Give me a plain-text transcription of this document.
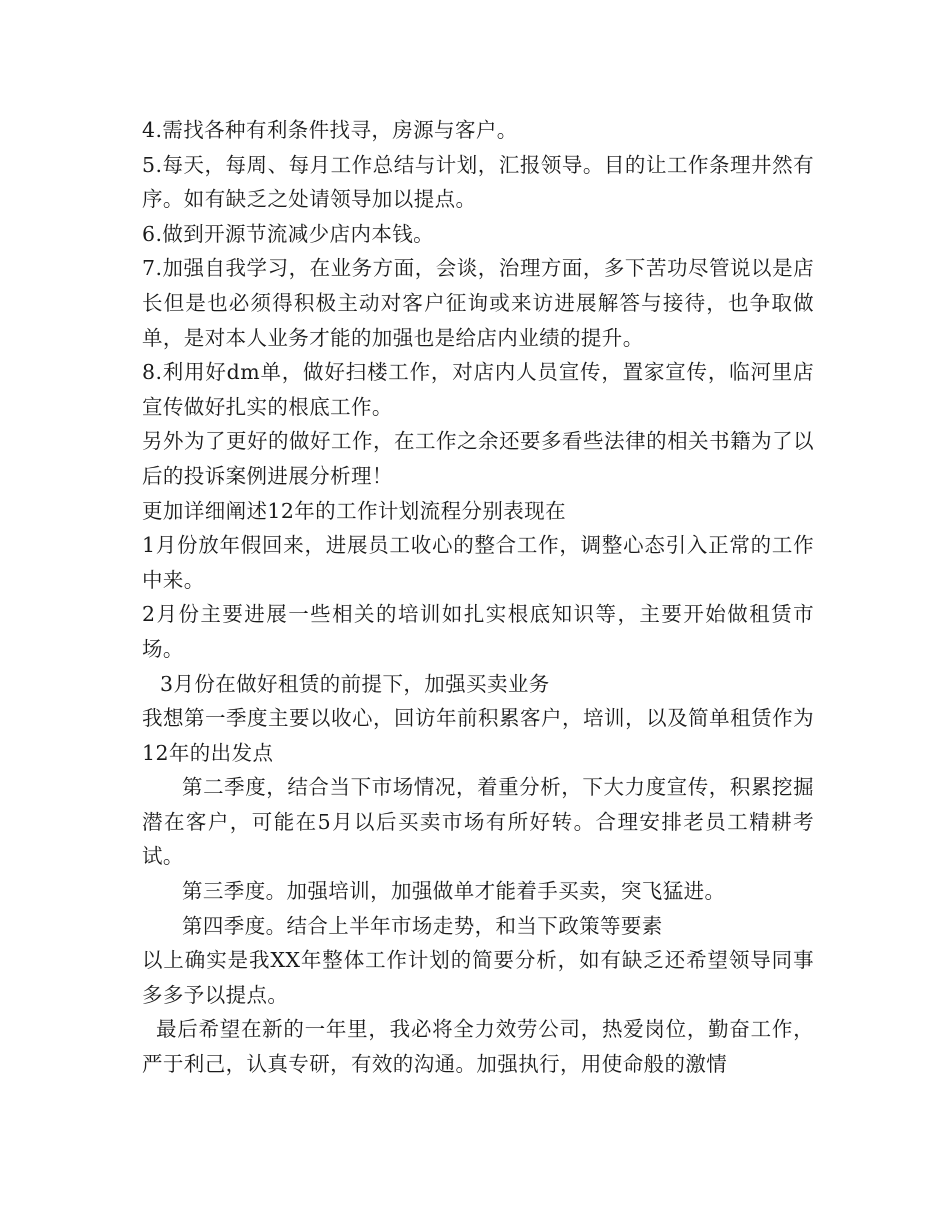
4.需找各种有利条件找寻，房源与客户。

5.每天，每周、每月工作总结与计划，汇报领导。目的让工作条理井然有序。如有缺乏之处请领导加以提点。

6.做到开源节流减少店内本钱。

7.加强自我学习，在业务方面，会谈，治理方面，多下苦功尽管说以是店长但是也必须得积极主动对客户征询或来访进展解答与接待，也争取做单，是对本人业务才能的加强也是给店内业绩的提升。

8.利用好dm单，做好扫楼工作，对店内人员宣传，置家宣传，临河里店宣传做好扎实的根底工作。

另外为了更好的做好工作，在工作之余还要多看些法律的相关书籍为了以后的投诉案例进展分析理！

更加详细阐述12年的工作计划流程分别表现在

1月份放年假回来，进展员工收心的整合工作，调整心态引入正常的工作中来。

2月份主要进展一些相关的培训如扎实根底知识等，主要开始做租赁市场。

3月份在做好租赁的前提下，加强买卖业务

我想第一季度主要以收心，回访年前积累客户，培训，以及简单租赁作为12年的出发点

第二季度，结合当下市场情况，着重分析，下大力度宣传，积累挖掘潜在客户，可能在5月以后买卖市场有所好转。合理安排老员工精耕考试。

第三季度。加强培训，加强做单才能着手买卖，突飞猛进。

第四季度。结合上半年市场走势，和当下政策等要素

以上确实是我XX年整体工作计划的简要分析，如有缺乏还希望领导同事多多予以提点。

最后希望在新的一年里，我必将全力效劳公司，热爱岗位，勤奋工作，严于利己，认真专研，有效的沟通。加强执行，用使命般的激情
